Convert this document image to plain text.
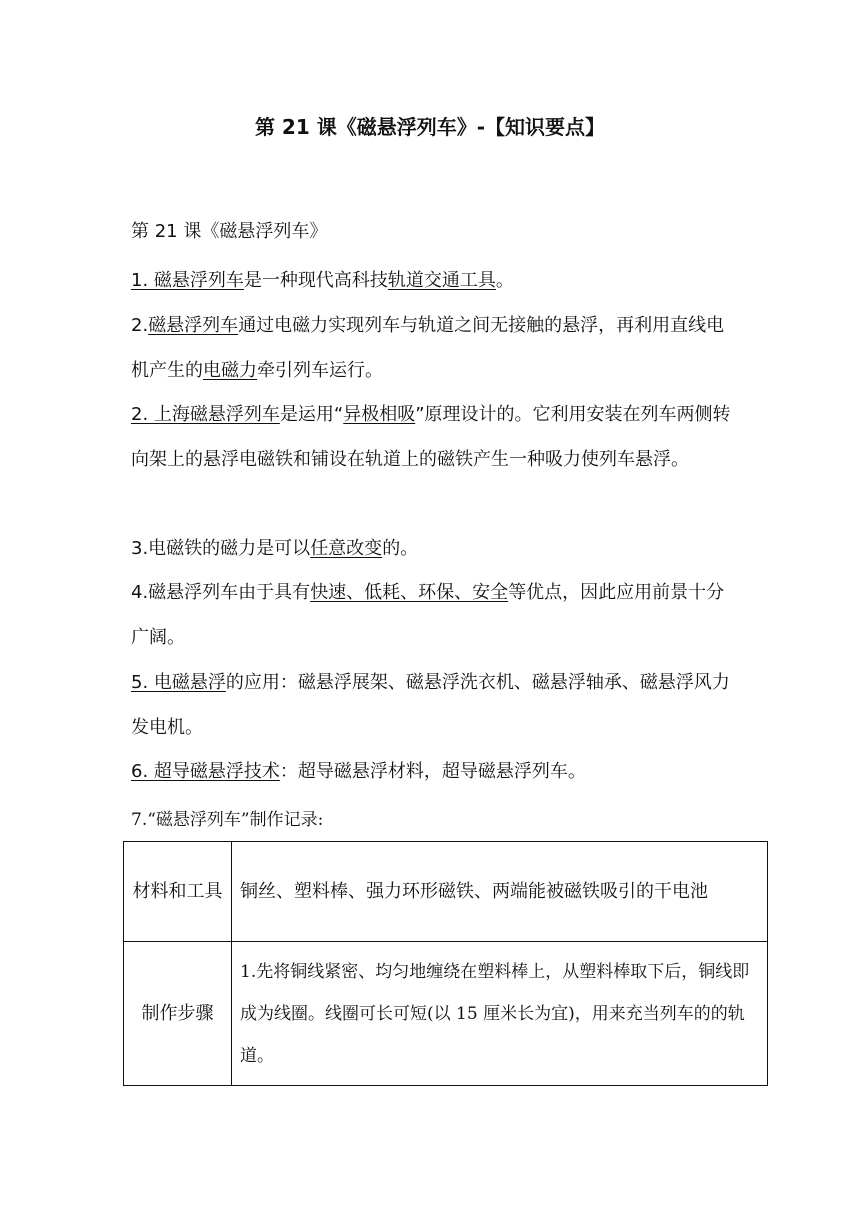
第 21 课《磁悬浮列车》-【知识要点】
第 21 课《磁悬浮列车》

1. 磁悬浮列车是一种现代高科技轨道交通工具。

2.磁悬浮列车通过电磁力实现列车与轨道之间无接触的悬浮，再利用直线电机产生的电磁力牵引列车运行。

2. 上海磁悬浮列车是运用“异极相吸”原理设计的。它利用安装在列车两侧转向架上的悬浮电磁铁和铺设在轨道上的磁铁产生一种吸力使列车悬浮。

3.电磁铁的磁力是可以任意改变的。

4.磁悬浮列车由于具有快速、低耗、环保、安全等优点，因此应用前景十分广阔。

5. 电磁悬浮的应用：磁悬浮展架、磁悬浮洗衣机、磁悬浮轴承、磁悬浮风力发电机。

6. 超导磁悬浮技术：超导磁悬浮材料，超导磁悬浮列车。

7.“磁悬浮列车”制作记录:

材料和工具	铜丝、塑料棒、强力环形磁铁、两端能被磁铁吸引的干电池
制作步骤	1.先将铜线紧密、均匀地缠绕在塑料棒上，从塑料棒取下后，铜线即成为线圈。线圈可长可短(以 15 厘米长为宜)，用来充当列车的的轨道。
